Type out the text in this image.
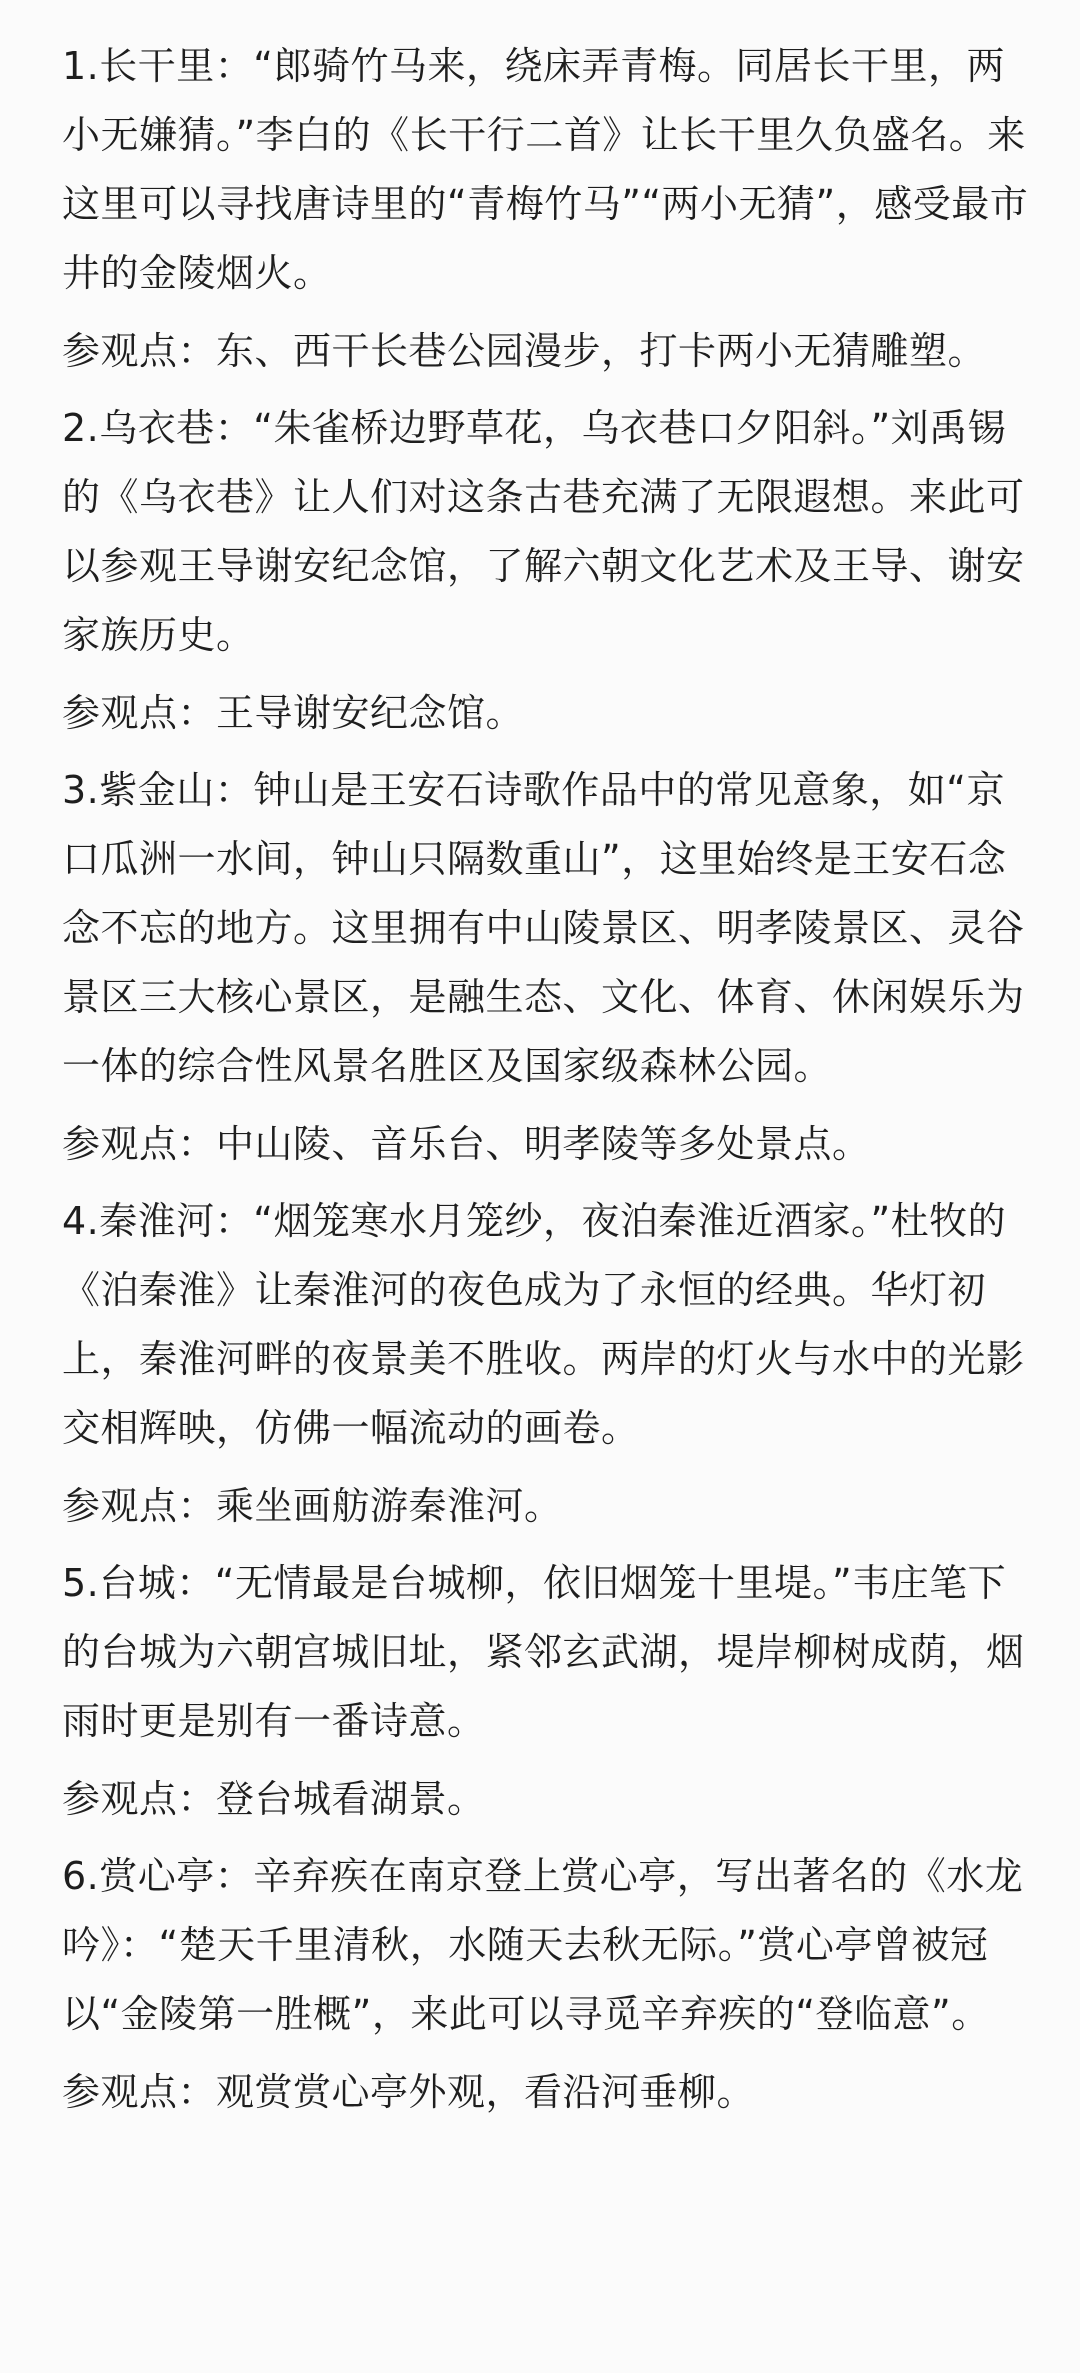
1.长干里：“郎骑竹马来，绕床弄青梅。同居长干里，两小无嫌猜。”李白的《长干行二首》让长干里久负盛名。来这里可以寻找唐诗里的“青梅竹马”“两小无猜”，感受最市井的金陵烟火。

参观点：东、西干长巷公园漫步，打卡两小无猜雕塑。

2.乌衣巷：“朱雀桥边野草花，乌衣巷口夕阳斜。”刘禹锡的《乌衣巷》让人们对这条古巷充满了无限遐想。来此可以参观王导谢安纪念馆，了解六朝文化艺术及王导、谢安家族历史。

参观点：王导谢安纪念馆。

3.紫金山：钟山是王安石诗歌作品中的常见意象，如“京口瓜洲一水间，钟山只隔数重山”，这里始终是王安石念念不忘的地方。这里拥有中山陵景区、明孝陵景区、灵谷景区三大核心景区，是融生态、文化、体育、休闲娱乐为一体的综合性风景名胜区及国家级森林公园。

参观点：中山陵、音乐台、明孝陵等多处景点。

4.秦淮河：“烟笼寒水月笼纱，夜泊秦淮近酒家。”杜牧的《泊秦淮》让秦淮河的夜色成为了永恒的经典。华灯初上，秦淮河畔的夜景美不胜收。两岸的灯火与水中的光影交相辉映，仿佛一幅流动的画卷。

参观点：乘坐画舫游秦淮河。

5.台城：“无情最是台城柳，依旧烟笼十里堤。”韦庄笔下的台城为六朝宫城旧址，紧邻玄武湖，堤岸柳树成荫，烟雨时更是别有一番诗意。

参观点：登台城看湖景。

6.赏心亭：辛弃疾在南京登上赏心亭，写出著名的《水龙吟》：“楚天千里清秋，水随天去秋无际。”赏心亭曾被冠以“金陵第一胜概”，来此可以寻觅辛弃疾的“登临意”。

参观点：观赏赏心亭外观，看沿河垂柳。
